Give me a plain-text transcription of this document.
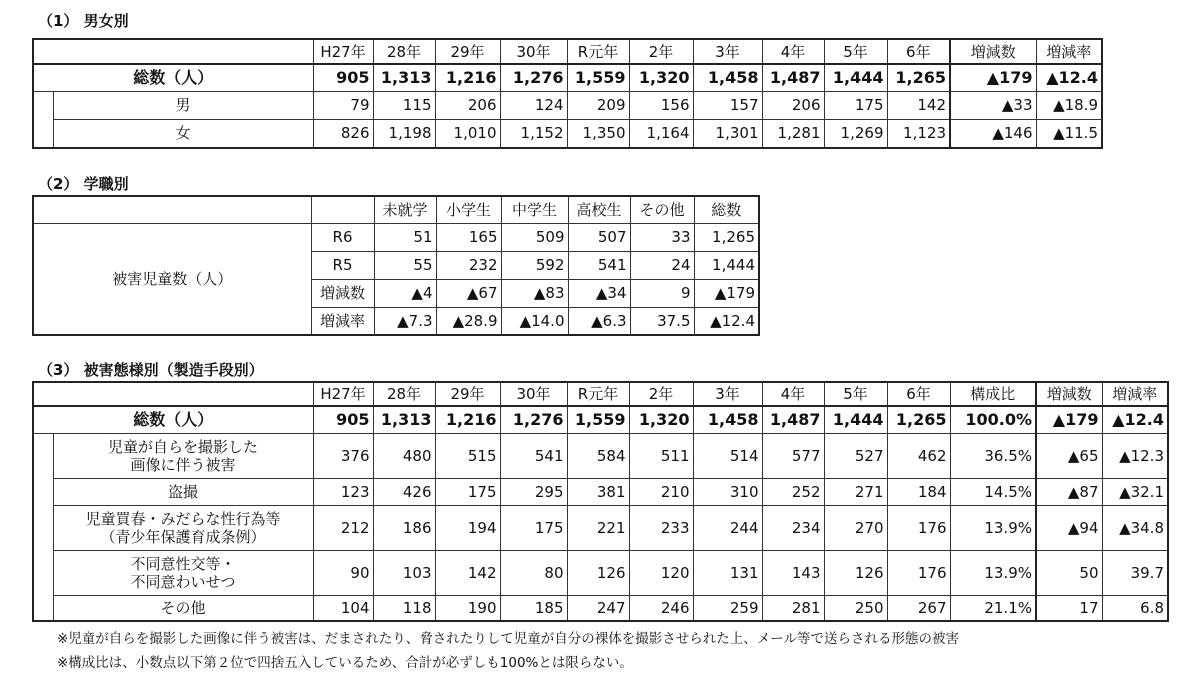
（1） 男女別
		H27年	28年	29年	30年	R元年	2年	3年	4年	5年	6年	増減数	増減率
総数（人）		905	1,313	1,216	1,276	1,559	1,320	1,458	1,487	1,444	1,265	▲179	▲12.4

	男	79	115	206	124	209	156	157	206	175	142	▲33	▲18.9

	女	826	1,198	1,010	1,152	1,350	1,164	1,301	1,281	1,269	1,123	▲146	▲11.5
（2） 学職別
		未就学	小学生	中学生	高校生	その他	総数
被害児童数（人）	R6	51	165	509	507	33	1,265
	R5	55	232	592	541	24	1,444
	増減数	▲4	▲67	▲83	▲34	9	▲179
	増減率	▲7.3	▲28.9	▲14.0	▲6.3	37.5	▲12.4
（3） 被害態様別（製造手段別）
		H27年	28年	29年	30年	R元年	2年	3年	4年	5年	6年	構成比	増減数	増減率
総数（人）		905	1,313	1,216	1,276	1,559	1,320	1,458	1,487	1,444	1,265	100.0%	▲179	▲12.4

	児童が自らを撮影した
画像に伴う被害	376	480	515	541	584	511	514	577	527	462	36.5%	▲65	▲12.3

	盗撮	123	426	175	295	381	210	310	252	271	184	14.5%	▲87	▲32.1

	児童買春・みだらな性行為等
（青少年保護育成条例）	212	186	194	175	221	233	244	234	270	176	13.9%	▲94	▲34.8

	不同意性交等・
不同意わいせつ	90	103	142	80	126	120	131	143	126	176	13.9%	50	39.7

	その他	104	118	190	185	247	246	259	281	250	267	21.1%	17	6.8
※児童が自らを撮影した画像に伴う被害は、だまされたり、脅されたりして児童が自分の裸体を撮影させられた上、メール等で送らされる形態の被害
※構成比は、小数点以下第２位で四捨五入しているため、合計が必ずしも100%とは限らない。
